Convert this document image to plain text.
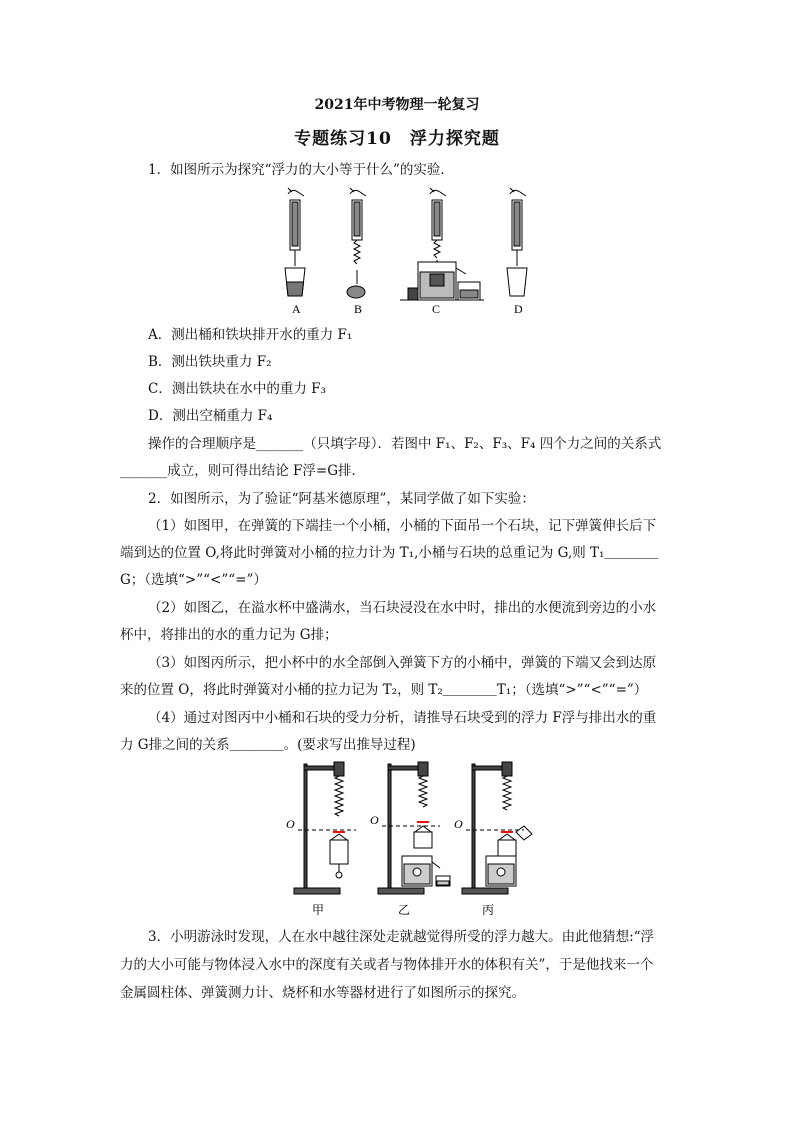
2021年中考物理一轮复习
专题练习10　浮力探究题
1．如图所示为探究“浮力的大小等于什么”的实验．
A	B	C	D
A．测出桶和铁块排开水的重力 F₁
B．测出铁块重力 F₂
C．测出铁块在水中的重力 F₃
D．测出空桶重力 F₄
操作的合理顺序是_______（只填字母）．若图中 F₁、F₂、F₃、F₄ 四个力之间的关系式
_______成立，则可得出结论 F浮=G排．
2．如图所示，为了验证“阿基米德原理”，某同学做了如下实验：
（1）如图甲，在弹簧的下端挂一个小桶，小桶的下面吊一个石块，记下弹簧伸长后下
端到达的位置 O,将此时弹簧对小桶的拉力计为 T₁,小桶与石块的总重记为 G,则 T₁＿＿＿＿
G；（选填“>”“<”“=”）
（2）如图乙，在溢水杯中盛满水，当石块浸没在水中时，排出的水便流到旁边的小水
杯中，将排出的水的重力记为 G排；
（3）如图丙所示，把小杯中的水全部倒入弹簧下方的小桶中，弹簧的下端又会到达原
来的位置 O，将此时弹簧对小桶的拉力记为 T₂，则 T₂＿＿＿＿T₁；（选填“>”“<”“=”）
（4）通过对图丙中小桶和石块的受力分析，请推导石块受到的浮力 F浮与排出水的重
力 G排之间的关系＿＿＿＿。(要求写出推导过程)
O	O	O
甲	乙	丙
3．小明游泳时发现，人在水中越往深处走就越觉得所受的浮力越大。由此他猜想:“浮
力的大小可能与物体浸入水中的深度有关或者与物体排开水的体积有关”，于是他找来一个
金属圆柱体、弹簧测力计、烧杯和水等器材进行了如图所示的探究。
